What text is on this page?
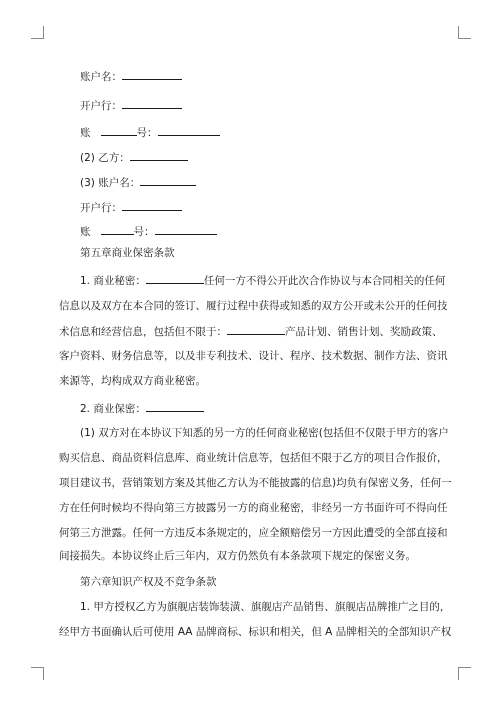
账户名：
开户行：
账	号：
(2) 乙方：
(3) 账户名：
开户行：
账	号：
第五章商业保密条款
1. 商业秘密：	任何一方不得公开此次合作协议与本合同相关的任何
信息以及双方在本合同的签订、履行过程中获得或知悉的双方公开或未公开的任何技
术信息和经营信息，包括但不限于：	产品计划、销售计划、奖励政策、
客户资料、财务信息等，以及非专利技术、设计、程序、技术数据、制作方法、资讯
来源等，均构成双方商业秘密。
2. 商业保密：
(1) 双方对在本协议下知悉的另一方的任何商业秘密(包括但不仅限于甲方的客户
购买信息、商品资料信息库、商业统计信息等，包括但不限于乙方的项目合作报价，
项目建议书，营销策划方案及其他乙方认为不能披露的信息)均负有保密义务，任何一
方在任何时候均不得向第三方披露另一方的商业秘密，非经另一方书面许可不得向任
何第三方泄露。任何一方违反本条规定的，应全额赔偿另一方因此遭受的全部直接和
间接损失。本协议终止后三年内，双方仍然负有本条款项下规定的保密义务。
第六章知识产权及不竞争条款
1. 甲方授权乙方为旗舰店装饰装潢、旗舰店产品销售、旗舰店品牌推广之目的，
经甲方书面确认后可使用 AA 品牌商标、标识和相关，但 A 品牌相关的全部知识产权
